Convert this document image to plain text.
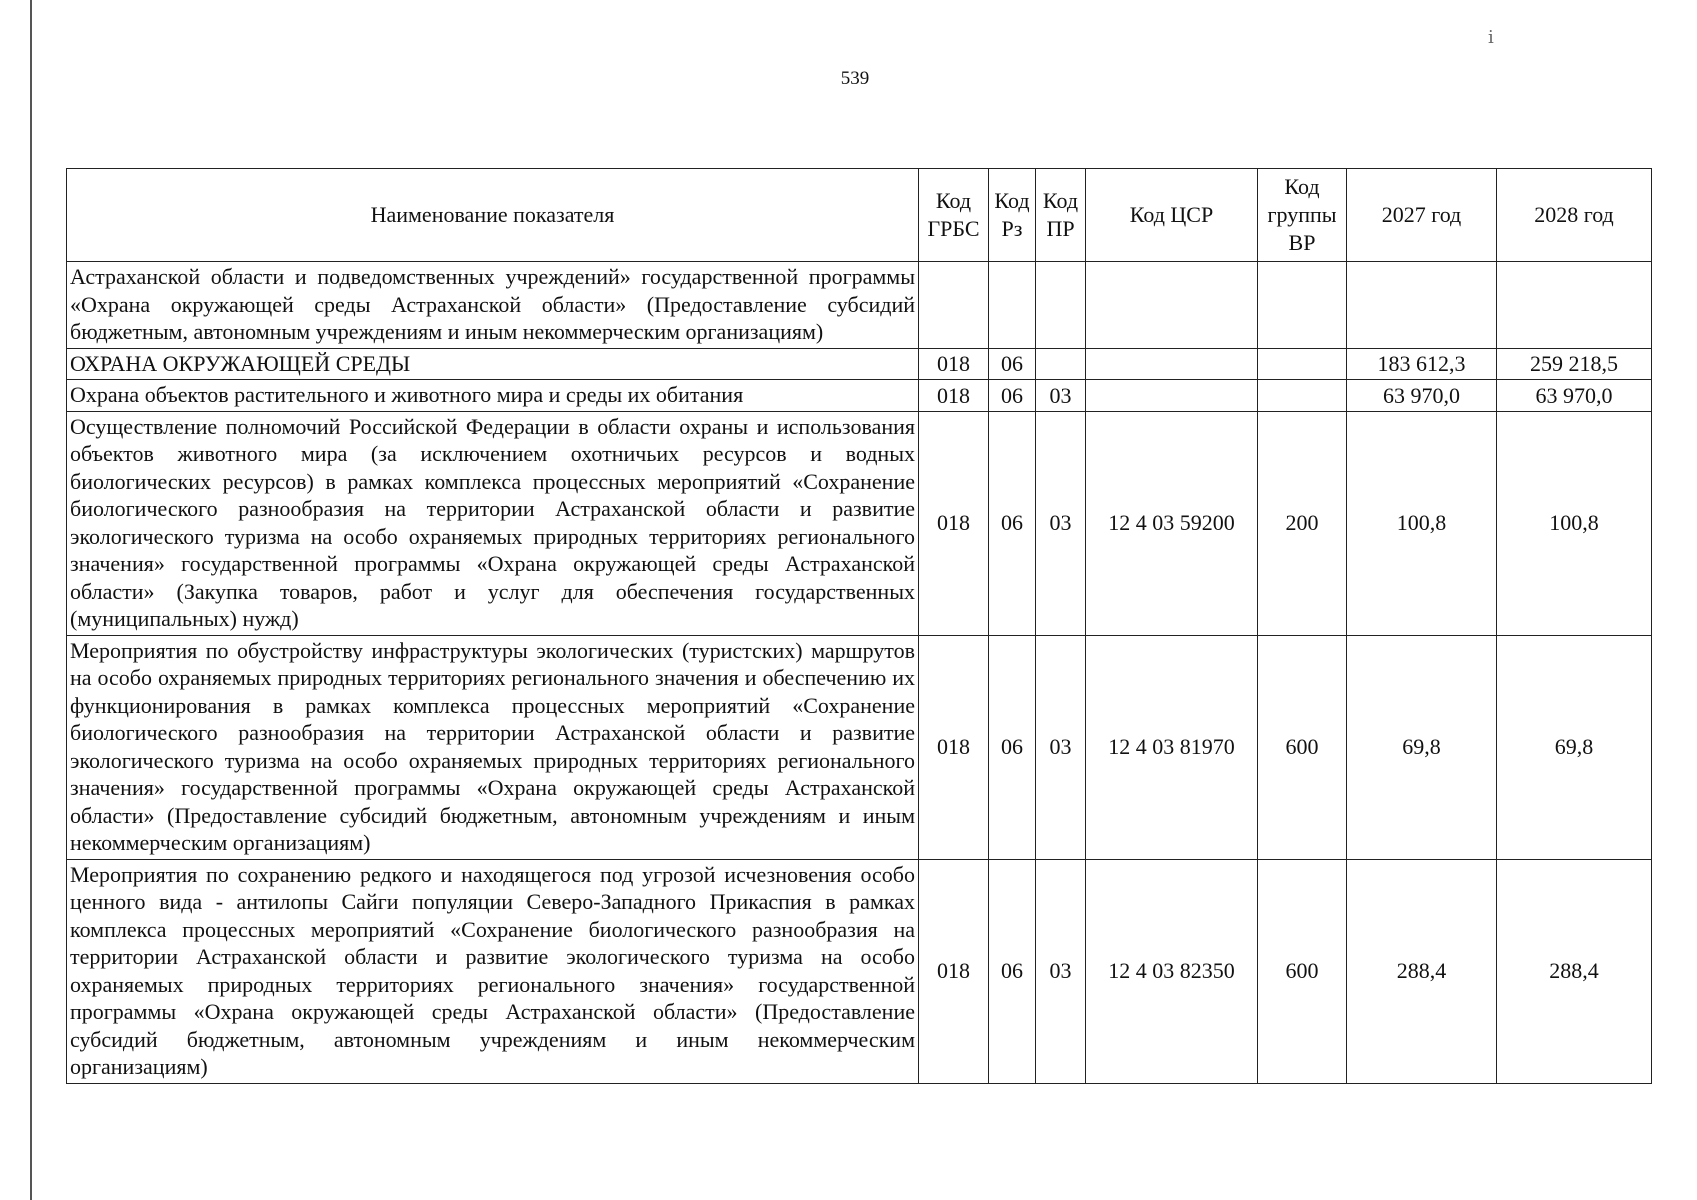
539
ⅰ
Наименование показателя	Код ГРБС	Код Рз	Код ПР	Код ЦСР	Код группы ВР	2027 год	2028 год
Астраханской области и подведомственных учреждений» государственной программы «Охрана окружающей среды Астраханской области» (Предоставление субсидий бюджетным, автономным учреждениям и иным некоммерческим организациям)							
ОХРАНА ОКРУЖАЮЩЕЙ СРЕДЫ	018	06				183 612,3	259 218,5
Охрана объектов растительного и животного мира и среды их обитания	018	06	03			63 970,0	63 970,0
Осуществление полномочий Российской Федерации в области охраны и использования объектов животного мира (за исключением охотничьих ресурсов и водных биологических ресурсов) в рамках комплекса процессных мероприятий «Сохранение биологического разнообразия на территории Астраханской области и развитие экологического туризма на особо охраняемых природных территориях регионального значения» государственной программы «Охрана окружающей среды Астраханской области» (Закупка товаров, работ и услуг для обеспечения государственных (муниципальных) нужд)	018	06	03	12 4 03 59200	200	100,8	100,8
Мероприятия по обустройству инфраструктуры экологических (туристских) маршрутов на особо охраняемых природных территориях регионального значения и обеспечению их функционирования в рамках комплекса процессных мероприятий «Сохранение биологического разнообразия на территории Астраханской области и развитие экологического туризма на особо охраняемых природных территориях регионального значения» государственной программы «Охрана окружающей среды Астраханской области» (Предоставление субсидий бюджетным, автономным учреждениям и иным некоммерческим организациям)	018	06	03	12 4 03 81970	600	69,8	69,8
Мероприятия по сохранению редкого и находящегося под угрозой исчезновения особо ценного вида - антилопы Сайги популяции Северо-Западного Прикаспия в рамках комплекса процессных мероприятий «Сохранение биологического разнообразия на территории Астраханской области и развитие экологического туризма на особо охраняемых природных территориях регионального значения» государственной программы «Охрана окружающей среды Астраханской области» (Предоставление субсидий бюджетным, автономным учреждениям и иным некоммерческим организациям)	018	06	03	12 4 03 82350	600	288,4	288,4
